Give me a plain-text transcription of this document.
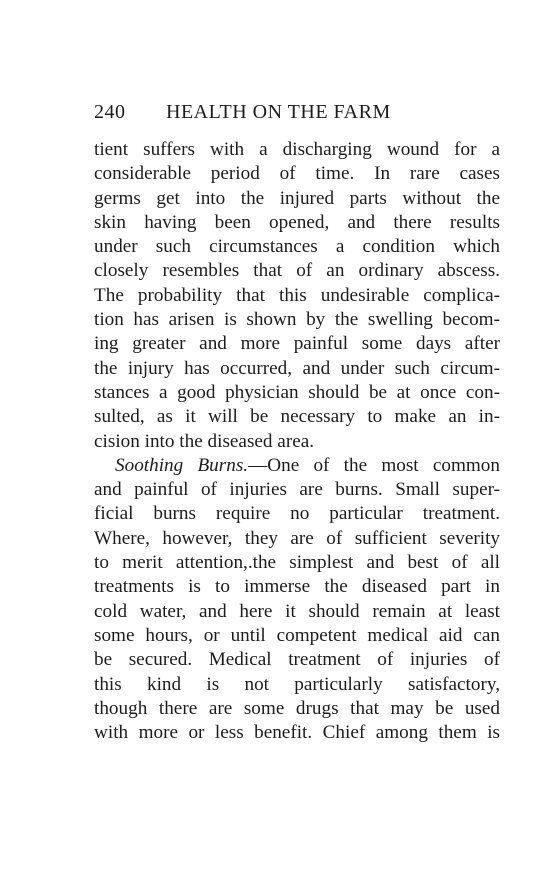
240 HEALTH ON THE FARM
tient suffers with a discharging wound for a
considerable period of time. In rare cases
germs get into the injured parts without the
skin having been opened, and there results
under such circumstances a condition which
closely resembles that of an ordinary abscess.
The probability that this undesirable complica-
tion has arisen is shown by the swelling becom-
ing greater and more painful some days after
the injury has occurred, and under such circum-
stances a good physician should be at once con-
sulted, as it will be necessary to make an in-
cision into the diseased area.
Soothing Burns.—One of the most common
and painful of injuries are burns. Small super-
ficial burns require no particular treatment.
Where, however, they are of sufficient severity
to merit attention,.the simplest and best of all
treatments is to immerse the diseased part in
cold water, and here it should remain at least
some hours, or until competent medical aid can
be secured. Medical treatment of injuries of
this kind is not particularly satisfactory,
though there are some drugs that may be used
with more or less benefit. Chief among them is
